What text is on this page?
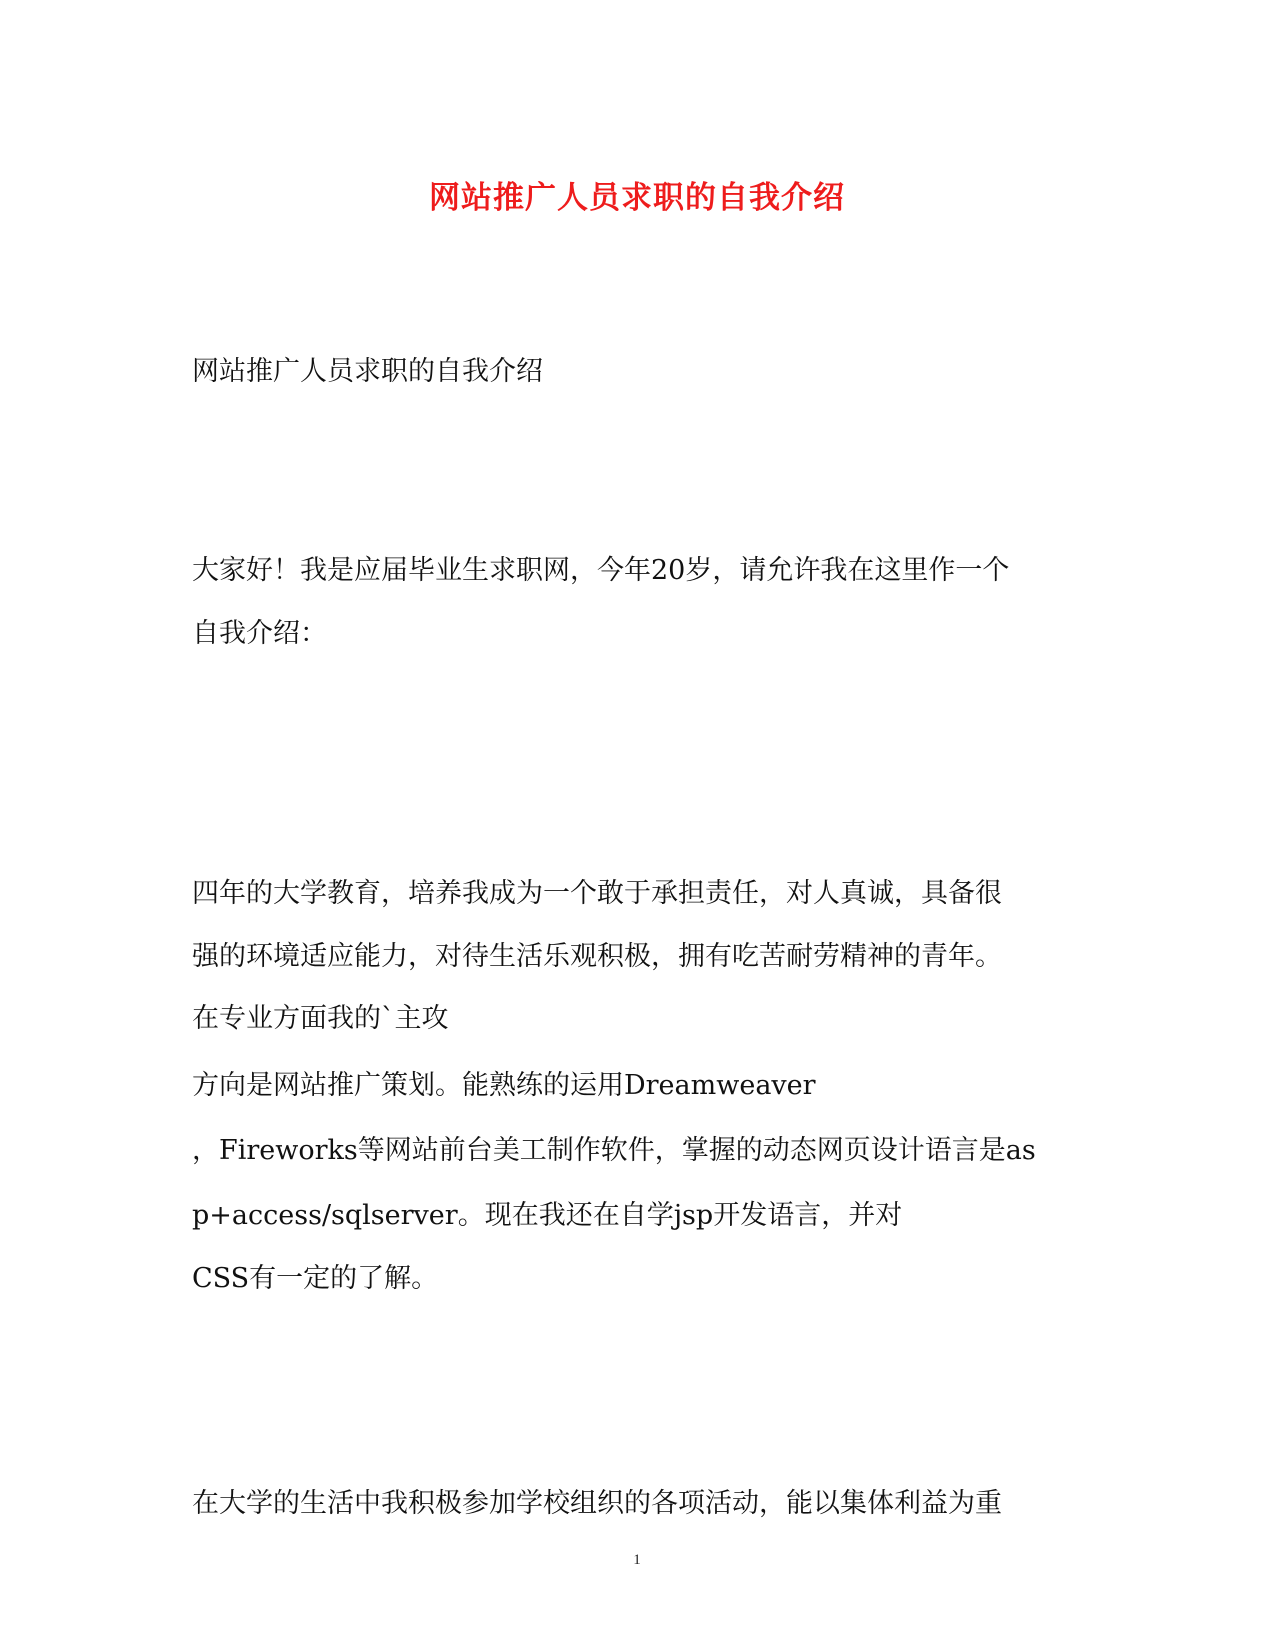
网站推广人员求职的自我介绍
网站推广人员求职的自我介绍
大家好！我是应届毕业生求职网，今年20岁，请允许我在这里作一个
自我介绍：
四年的大学教育，培养我成为一个敢于承担责任，对人真诚，具备很
强的环境适应能力，对待生活乐观积极，拥有吃苦耐劳精神的青年。
在专业方面我的`主攻
方向是网站推广策划。能熟练的运用Dreamweaver
，Fireworks等网站前台美工制作软件，掌握的动态网页设计语言是as
p+access/sqlserver。现在我还在自学jsp开发语言，并对
CSS有一定的了解。
在大学的生活中我积极参加学校组织的各项活动，能以集体利益为重
1
